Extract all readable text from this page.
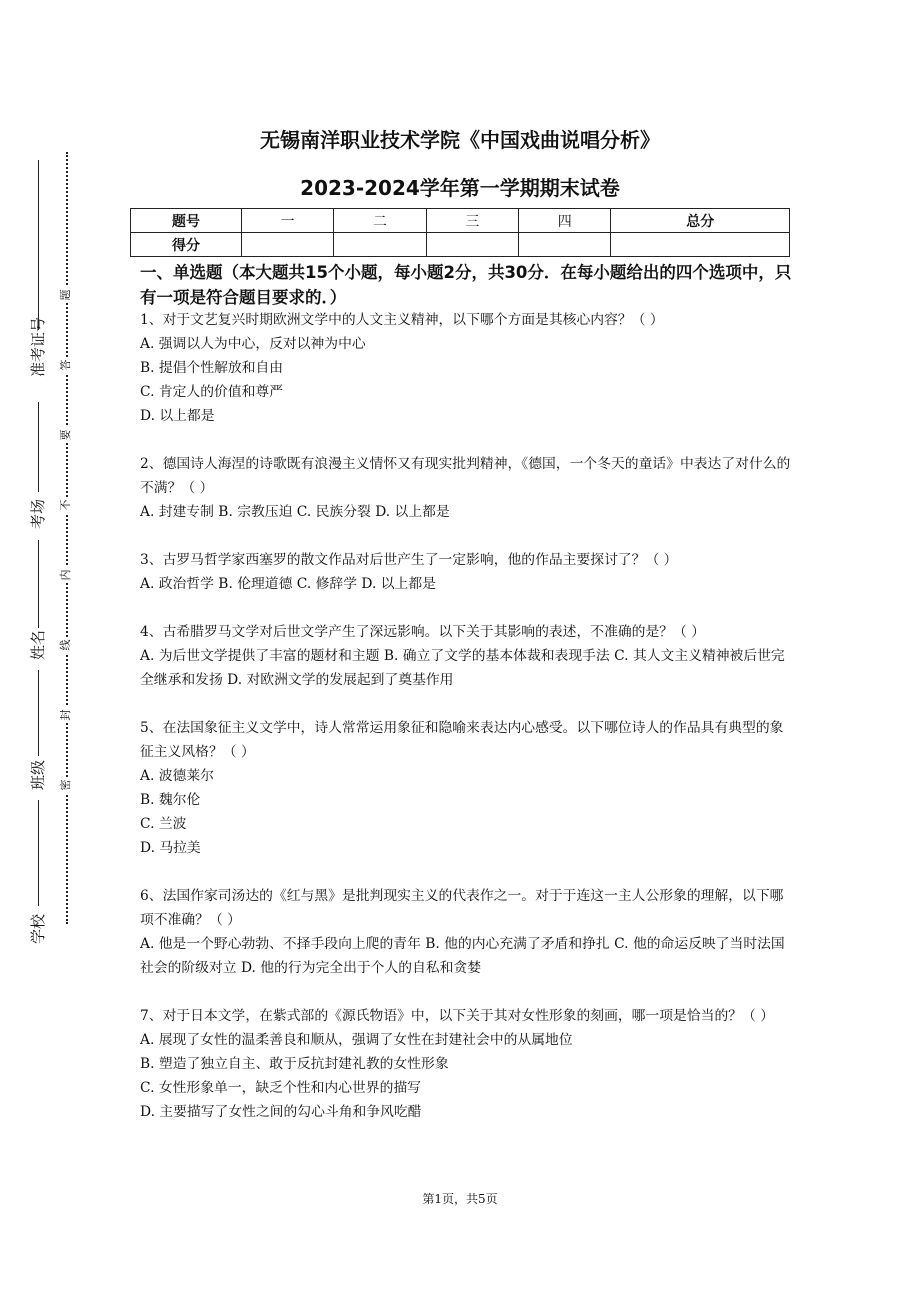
题
答
要
不
内
线
封
密
准考证号
考场
姓名
班级
学校
无锡南洋职业技术学院《中国戏曲说唱分析》
2023-2024学年第一学期期末试卷
题号	一	二	三	四	总分
得分					
一、单选题（本大题共15个小题，每小题2分，共30分．在每小题给出的四个选项中，只有一项是符合题目要求的．）

1、对于文艺复兴时期欧洲文学中的人文主义精神，以下哪个方面是其核心内容？（ ）

A. 强调以人为中心，反对以神为中心

B. 提倡个性解放和自由

C. 肯定人的价值和尊严

D. 以上都是

2、德国诗人海涅的诗歌既有浪漫主义情怀又有现实批判精神，《德国，一个冬天的童话》中表达了对什么的不满？（ ）

A. 封建专制 B. 宗教压迫 C. 民族分裂 D. 以上都是

3、古罗马哲学家西塞罗的散文作品对后世产生了一定影响，他的作品主要探讨了？（ ）

A. 政治哲学 B. 伦理道德 C. 修辞学 D. 以上都是

4、古希腊罗马文学对后世文学产生了深远影响。以下关于其影响的表述，不准确的是？（ ）

A. 为后世文学提供了丰富的题材和主题 B. 确立了文学的基本体裁和表现手法 C. 其人文主义精神被后世完全继承和发扬 D. 对欧洲文学的发展起到了奠基作用

5、在法国象征主义文学中，诗人常常运用象征和隐喻来表达内心感受。以下哪位诗人的作品具有典型的象征主义风格？（ ）

A. 波德莱尔

B. 魏尔伦

C. 兰波

D. 马拉美

6、法国作家司汤达的《红与黑》是批判现实主义的代表作之一。对于于连这一主人公形象的理解，以下哪项不准确？（ ）

A. 他是一个野心勃勃、不择手段向上爬的青年 B. 他的内心充满了矛盾和挣扎 C. 他的命运反映了当时法国社会的阶级对立 D. 他的行为完全出于个人的自私和贪婪

7、对于日本文学，在紫式部的《源氏物语》中，以下关于其对女性形象的刻画，哪一项是恰当的？（ ）

A. 展现了女性的温柔善良和顺从，强调了女性在封建社会中的从属地位

B. 塑造了独立自主、敢于反抗封建礼教的女性形象

C. 女性形象单一，缺乏个性和内心世界的描写

D. 主要描写了女性之间的勾心斗角和争风吃醋

第1页，共5页
